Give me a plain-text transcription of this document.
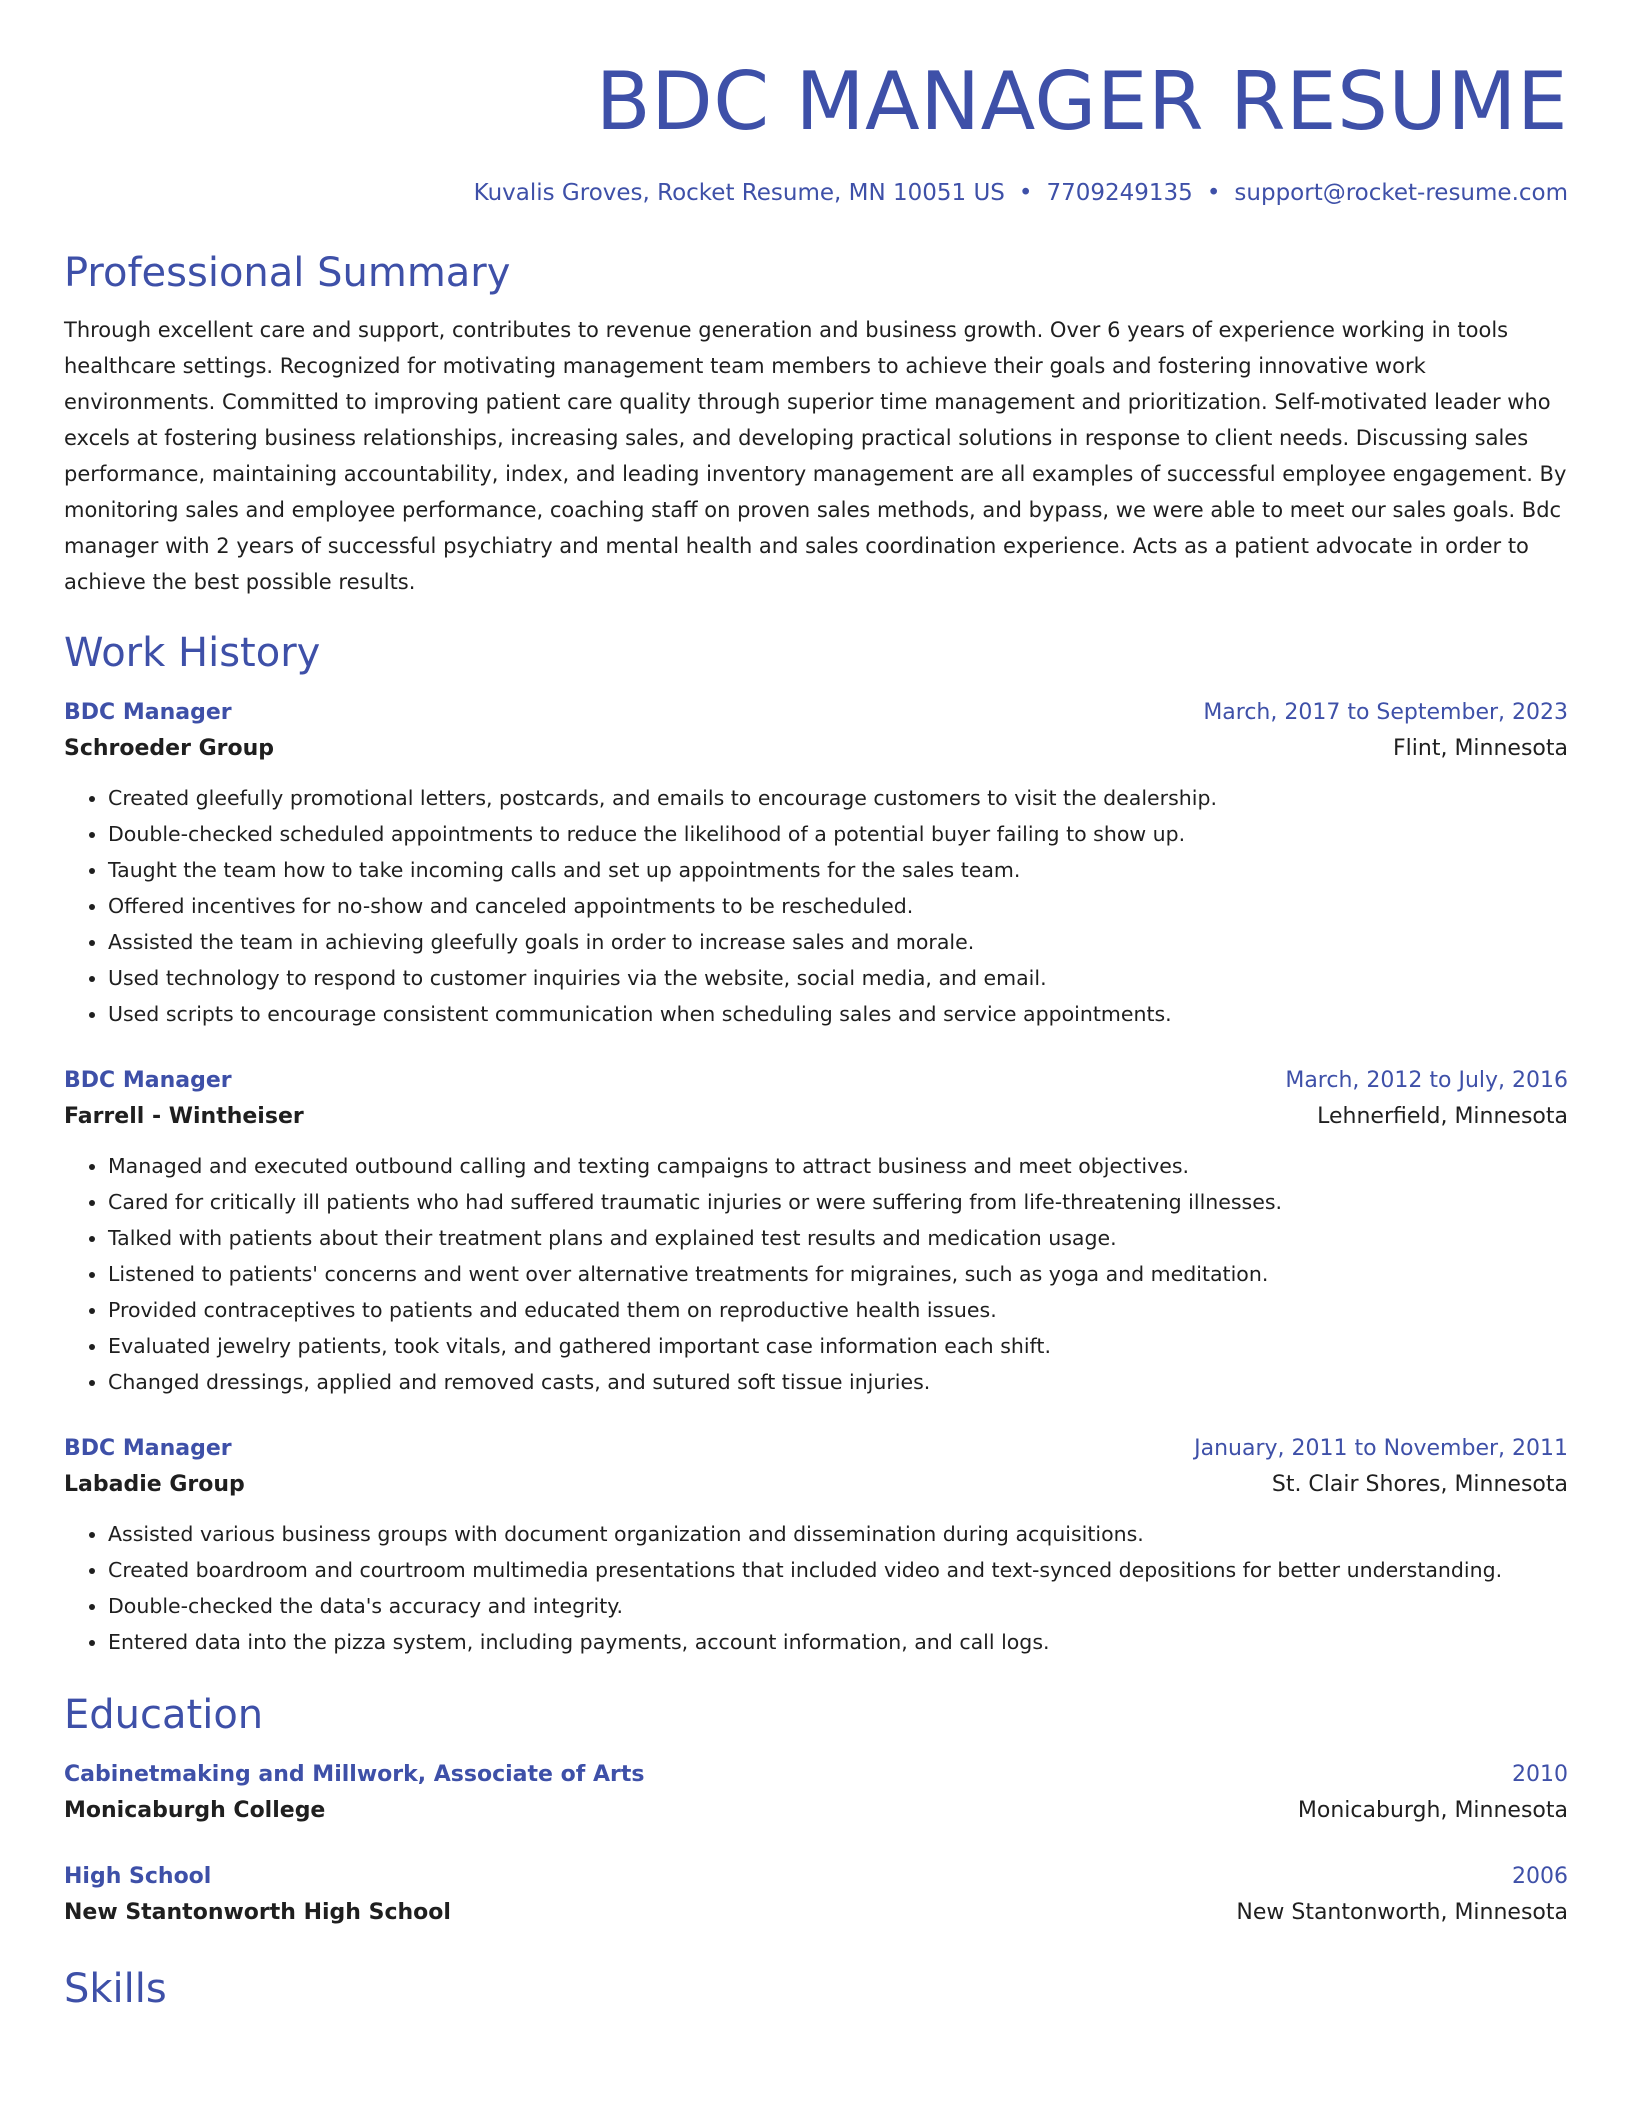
BDC MANAGER RESUME
Kuvalis Groves, Rocket Resume, MN 10051 US • 7709249135 • support@rocket-resume.com
Professional Summary
Through excellent care and support, contributes to revenue generation and business growth. Over 6 years of experience working in tools healthcare settings. Recognized for motivating management team members to achieve their goals and fostering innovative work environments. Committed to improving patient care quality through superior time management and prioritization. Self-motivated leader who excels at fostering business relationships, increasing sales, and developing practical solutions in response to client needs. Discussing sales performance, maintaining accountability, index, and leading inventory management are all examples of successful employee engagement. By monitoring sales and employee performance, coaching staff on proven sales methods, and bypass, we were able to meet our sales goals. Bdc manager with 2 years of successful psychiatry and mental health and sales coordination experience. Acts as a patient advocate in order to achieve the best possible results.
Work History
BDC Manager	March, 2017 to September, 2023
Schroeder Group	Flint, Minnesota
• Created gleefully promotional letters, postcards, and emails to encourage customers to visit the dealership.
• Double-checked scheduled appointments to reduce the likelihood of a potential buyer failing to show up.
• Taught the team how to take incoming calls and set up appointments for the sales team.
• Offered incentives for no-show and canceled appointments to be rescheduled.
• Assisted the team in achieving gleefully goals in order to increase sales and morale.
• Used technology to respond to customer inquiries via the website, social media, and email.
• Used scripts to encourage consistent communication when scheduling sales and service appointments.
BDC Manager	March, 2012 to July, 2016
Farrell - Wintheiser	Lehnerfield, Minnesota
• Managed and executed outbound calling and texting campaigns to attract business and meet objectives.
• Cared for critically ill patients who had suffered traumatic injuries or were suffering from life-threatening illnesses.
• Talked with patients about their treatment plans and explained test results and medication usage.
• Listened to patients' concerns and went over alternative treatments for migraines, such as yoga and meditation.
• Provided contraceptives to patients and educated them on reproductive health issues.
• Evaluated jewelry patients, took vitals, and gathered important case information each shift.
• Changed dressings, applied and removed casts, and sutured soft tissue injuries.
BDC Manager	January, 2011 to November, 2011
Labadie Group	St. Clair Shores, Minnesota
• Assisted various business groups with document organization and dissemination during acquisitions.
• Created boardroom and courtroom multimedia presentations that included video and text-synced depositions for better understanding.
• Double-checked the data's accuracy and integrity.
• Entered data into the pizza system, including payments, account information, and call logs.
Education
Cabinetmaking and Millwork, Associate of Arts	2010
Monicaburgh College	Monicaburgh, Minnesota
High School	2006
New Stantonworth High School	New Stantonworth, Minnesota
Skills
